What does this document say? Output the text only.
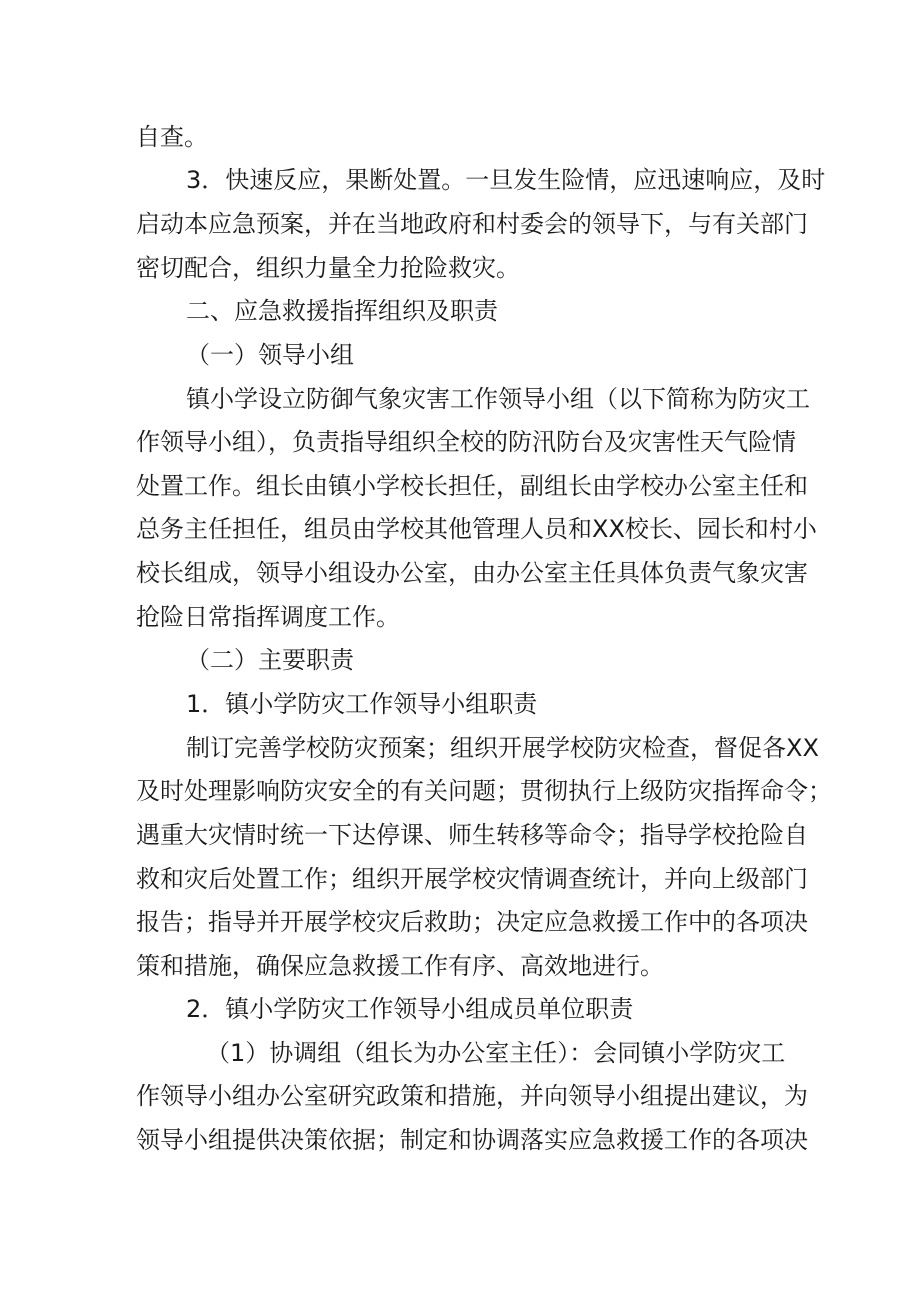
自查。
3．快速反应，果断处置。一旦发生险情，应迅速响应，及时
启动本应急预案，并在当地政府和村委会的领导下，与有关部门
密切配合，组织力量全力抢险救灾。
二、应急救援指挥组织及职责
（一）领导小组
镇小学设立防御气象灾害工作领导小组（以下简称为防灾工
作领导小组），负责指导组织全校的防汛防台及灾害性天气险情
处置工作。组长由镇小学校长担任，副组长由学校办公室主任和
总务主任担任，组员由学校其他管理人员和XX校长、园长和村小
校长组成，领导小组设办公室，由办公室主任具体负责气象灾害
抢险日常指挥调度工作。
（二）主要职责
1．镇小学防灾工作领导小组职责
制订完善学校防灾预案；组织开展学校防灾检查，督促各XX
及时处理影响防灾安全的有关问题；贯彻执行上级防灾指挥命令；
遇重大灾情时统一下达停课、师生转移等命令；指导学校抢险自
救和灾后处置工作；组织开展学校灾情调查统计，并向上级部门
报告；指导并开展学校灾后救助；决定应急救援工作中的各项决
策和措施，确保应急救援工作有序、高效地进行。
2．镇小学防灾工作领导小组成员单位职责
（1）协调组（组长为办公室主任）：会同镇小学防灾工
作领导小组办公室研究政策和措施，并向领导小组提出建议，为
领导小组提供决策依据；制定和协调落实应急救援工作的各项决
